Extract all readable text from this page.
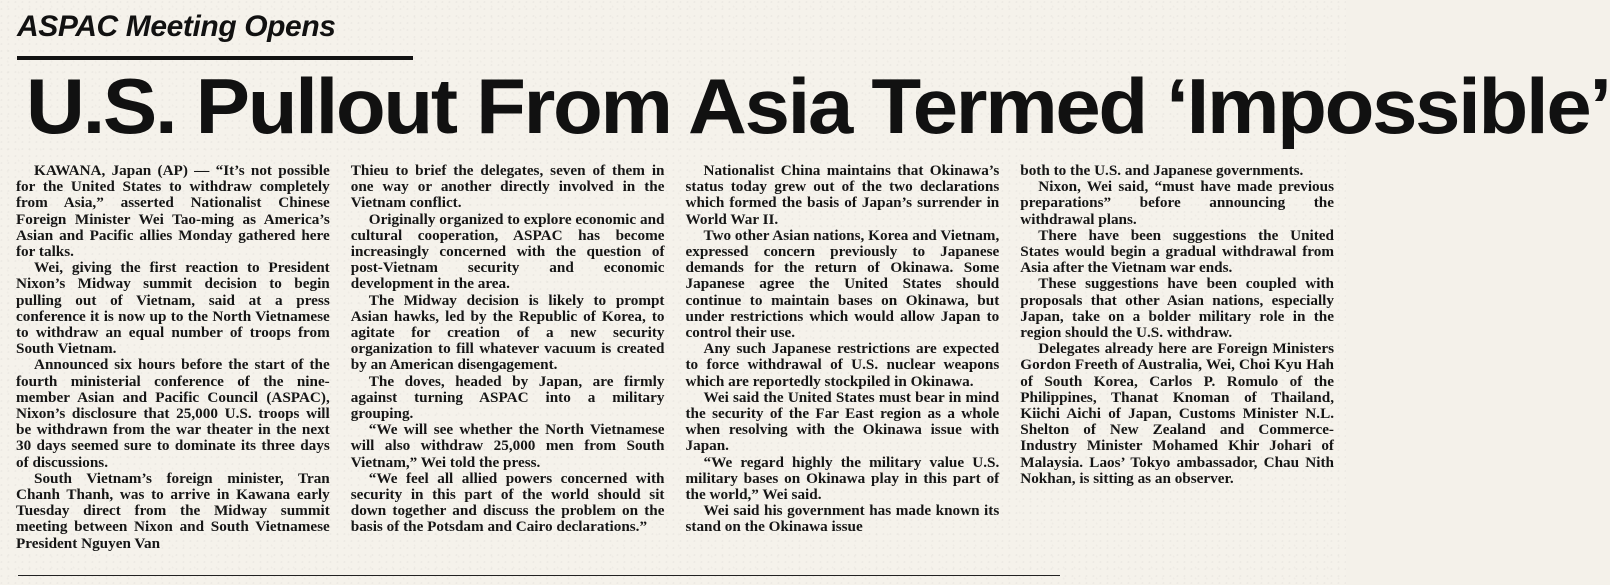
ASPAC Meeting Opens
U.S. Pullout From Asia Termed ‘Impossible’

KAWANA, Japan (AP) — “It’s not possible for the United States to withdraw completely from Asia,” asserted Nationalist Chinese Foreign Minister Wei Tao-ming as America’s Asian and Pacific allies Monday gathered here for talks.

Wei, giving the first reaction to President Nixon’s Midway summit decision to begin pulling out of Vietnam, said at a press conference it is now up to the North Vietnamese to withdraw an equal number of troops from South Vietnam.

Announced six hours before the start of the fourth ministerial conference of the nine-member Asian and Pacific Council (ASPAC), Nixon’s disclosure that 25,000 U.S. troops will be withdrawn from the war theater in the next 30 days seemed sure to dominate its three days of discussions.

South Vietnam’s foreign minister, Tran Chanh Thanh, was to arrive in Kawana early Tuesday direct from the Midway summit meeting between Nixon and South Vietnamese President Nguyen Van

Thieu to brief the delegates, seven of them in one way or another directly involved in the Vietnam conflict.

Originally organized to explore economic and cultural cooperation, ASPAC has become increasingly concerned with the question of post-Vietnam security and economic development in the area.

The Midway decision is likely to prompt Asian hawks, led by the Republic of Korea, to agitate for creation of a new security organization to fill whatever vacuum is created by an American disengagement.

The doves, headed by Japan, are firmly against turning ASPAC into a military grouping.

“We will see whether the North Vietnamese will also withdraw 25,000 men from South Vietnam,” Wei told the press.

“We feel all allied powers concerned with security in this part of the world should sit down together and discuss the problem on the basis of the Potsdam and Cairo declarations.”

Nationalist China maintains that Okinawa’s status today grew out of the two declarations which formed the basis of Japan’s surrender in World War II.

Two other Asian nations, Korea and Vietnam, expressed concern previously to Japanese demands for the return of Okinawa. Some Japanese agree the United States should continue to maintain bases on Okinawa, but under restrictions which would allow Japan to control their use.

Any such Japanese restrictions are expected to force withdrawal of U.S. nuclear weapons which are reportedly stockpiled in Okinawa.

Wei said the United States must bear in mind the security of the Far East region as a whole when resolving with the Okinawa issue with Japan.

“We regard highly the military value U.S. military bases on Okinawa play in this part of the world,” Wei said.

Wei said his government has made known its stand on the Okinawa issue

both to the U.S. and Japanese governments.

Nixon, Wei said, “must have made previous preparations” before announcing the withdrawal plans.

There have been suggestions the United States would begin a gradual withdrawal from Asia after the Vietnam war ends.

These suggestions have been coupled with proposals that other Asian nations, especially Japan, take on a bolder military role in the region should the U.S. withdraw.

Delegates already here are Foreign Ministers Gordon Freeth of Australia, Wei, Choi Kyu Hah of South Korea, Carlos P. Romulo of the Philippines, Thanat Knoman of Thailand, Kiichi Aichi of Japan, Customs Minister N.L. Shelton of New Zealand and Commerce-Industry Minister Mohamed Khir Johari of Malaysia. Laos’ Tokyo ambassador, Chau Nith Nokhan, is sitting as an observer.
